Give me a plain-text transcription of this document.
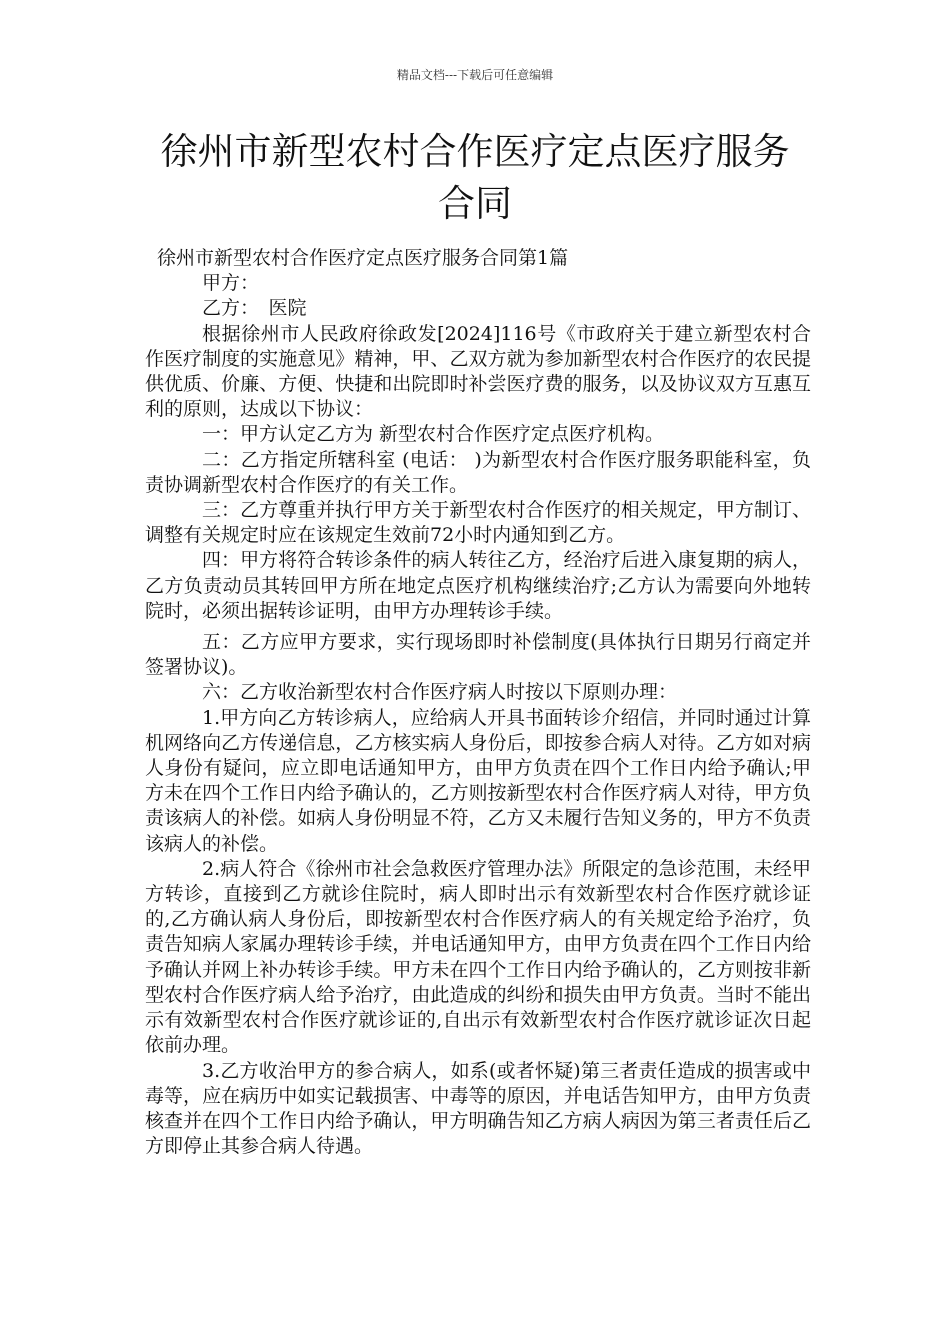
精品文档---下载后可任意编辑
徐州市新型农村合作医疗定点医疗服务合同

徐州市新型农村合作医疗定点医疗服务合同第1篇

甲方：

乙方：　医院

根据徐州市人民政府徐政发[2024]116号《市政府关于建立新型农村合作医疗制度的实施意见》精神，甲、乙双方就为参加新型农村合作医疗的农民提供优质、价廉、方便、快捷和出院即时补尝医疗费的服务，以及协议双方互惠互利的原则，达成以下协议：

一：甲方认定乙方为 新型农村合作医疗定点医疗机构。

二：乙方指定所辖科室 (电话： )为新型农村合作医疗服务职能科室，负责协调新型农村合作医疗的有关工作。

三：乙方尊重并执行甲方关于新型农村合作医疗的相关规定，甲方制订、调整有关规定时应在该规定生效前72小时内通知到乙方。

四：甲方将符合转诊条件的病人转往乙方，经治疗后进入康复期的病人，乙方负责动员其转回甲方所在地定点医疗机构继续治疗;乙方认为需要向外地转院时，必须出据转诊证明，由甲方办理转诊手续。

五：乙方应甲方要求，实行现场即时补偿制度(具体执行日期另行商定并签署协议)。

六：乙方收治新型农村合作医疗病人时按以下原则办理：

1.甲方向乙方转诊病人，应给病人开具书面转诊介绍信，并同时通过计算机网络向乙方传递信息，乙方核实病人身份后，即按参合病人对待。乙方如对病人身份有疑问，应立即电话通知甲方，由甲方负责在四个工作日内给予确认;甲方未在四个工作日内给予确认的，乙方则按新型农村合作医疗病人对待，甲方负责该病人的补偿。如病人身份明显不符，乙方又未履行告知义务的，甲方不负责该病人的补偿。

2.病人符合《徐州市社会急救医疗管理办法》所限定的急诊范围，未经甲方转诊，直接到乙方就诊住院时，病人即时出示有效新型农村合作医疗就诊证的,乙方确认病人身份后，即按新型农村合作医疗病人的有关规定给予治疗，负责告知病人家属办理转诊手续，并电话通知甲方，由甲方负责在四个工作日内给予确认并网上补办转诊手续。甲方未在四个工作日内给予确认的，乙方则按非新型农村合作医疗病人给予治疗，由此造成的纠纷和损失由甲方负责。当时不能出示有效新型农村合作医疗就诊证的,自出示有效新型农村合作医疗就诊证次日起依前办理。

3.乙方收治甲方的参合病人，如系(或者怀疑)第三者责任造成的损害或中毒等，应在病历中如实记载损害、中毒等的原因，并电话告知甲方，由甲方负责核查并在四个工作日内给予确认，甲方明确告知乙方病人病因为第三者责任后乙方即停止其参合病人待遇。
